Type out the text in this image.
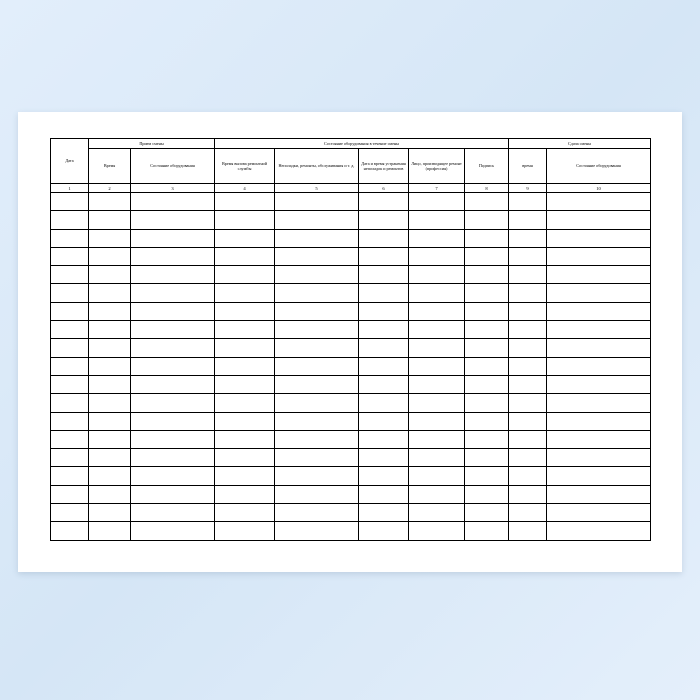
Дата	Прием смены		Состояние оборудования в течение смены					Сдача смены	

	Время	Состояние оборудования	Время вызова ремонтной службы	Неполадки, ремонты, обслуживания и т. д.	Дата и время устранения неполадок и ремонтов	Лицо, производящее ремонт (профессия)	Подпись	время	Состояние оборудования

1	2	3	4	5	6	7	8	9	10
